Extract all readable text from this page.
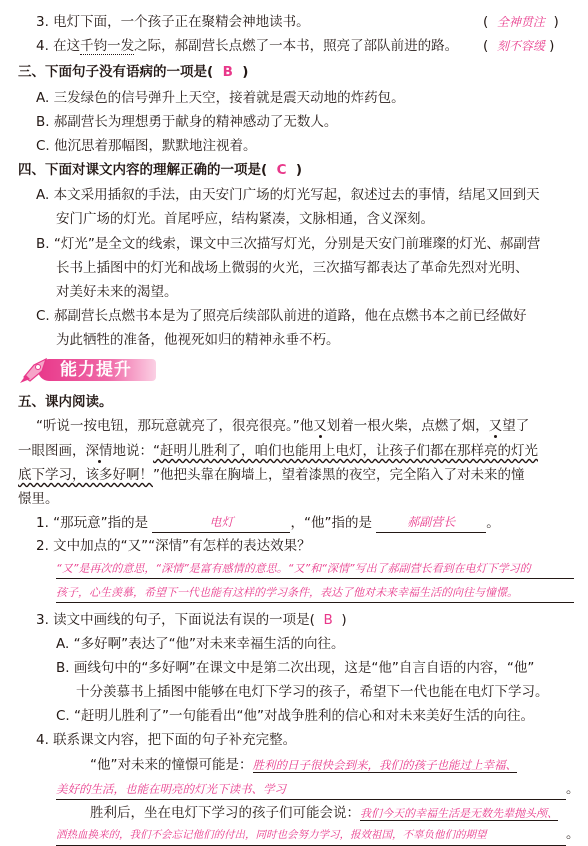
3. 电灯下面，一个孩子正在聚精会神地读书。	(  全神贯注 )
4. 在这千钧一发之际，郝副营长点燃了一本书，照亮了部队前进的路。 (  刻不容缓 )
三、下面句子没有语病的一项是( B )
A. 三发绿色的信号弹升上天空，接着就是震天动地的炸药包。
B. 郝副营长为理想勇于献身的精神感动了无数人。
C. 他沉思着那幅图，默默地注视着。
四、下面对课文内容的理解正确的一项是( C )
A. 本文采用插叙的手法，由天安门广场的灯光写起，叙述过去的事情，结尾又回到天
安门广场的灯光。首尾呼应，结构紧凑，文脉相通，含义深刻。
B. “灯光”是全文的线索，课文中三次描写灯光，分别是天安门前璀璨的灯光、郝副营
长书上插图中的灯光和战场上微弱的火光，三次描写都表达了革命先烈对光明、
对美好未来的渴望。
C. 郝副营长点燃书本是为了照亮后续部队前进的道路，他在点燃书本之前已经做好
为此牺牲的准备，他视死如归的精神永垂不朽。
能力提升
五、课内阅读。
“听说一按电钮，那玩意就亮了，很亮很亮。”他又划着一根火柴，点燃了烟，又望了
一眼图画，深情地说：“赶明儿胜利了，咱们也能用上电灯，让孩子们都在那样亮的灯光
底下学习，该多好啊！”他把头靠在胸墙上，望着漆黑的夜空，完全陷入了对未来的憧
憬里。
1. “那玩意”指的是	电灯	，“他”指的是	郝副营长 。
2. 文中加点的“又”“深情”有怎样的表达效果？
“又”是再次的意思，“深情”是富有感情的意思。“又”和“深情”写出了郝副营长看到在电灯下学习的
孩子，心生羡慕，希望下一代也能有这样的学习条件，表达了他对未来幸福生活的向往与憧憬。
3. 读文中画线的句子，下面说法有误的一项是( B )
A. “多好啊”表达了“他”对未来幸福生活的向往。
B. 画线句中的“多好啊”在课文中是第二次出现，这是“他”自言自语的内容，“他”
十分羡慕书上插图中能够在电灯下学习的孩子，希望下一代也能在电灯下学习。
C. “赶明儿胜利了”一句能看出“他”对战争胜利的信心和对未来美好生活的向往。
4. 联系课文内容，把下面的句子补充完整。
“他”对未来的憧憬可能是：胜利的日子很快会到来，我们的孩子也能过上幸福、
美好的生活，也能在明亮的灯光下读书、学习	。
胜利后，坐在电灯下学习的孩子们可能会说：我们今天的幸福生活是无数先辈抛头颅、
洒热血换来的，我们不会忘记他们的付出，同时也会努力学习，报效祖国，不辜负他们的期望	。
